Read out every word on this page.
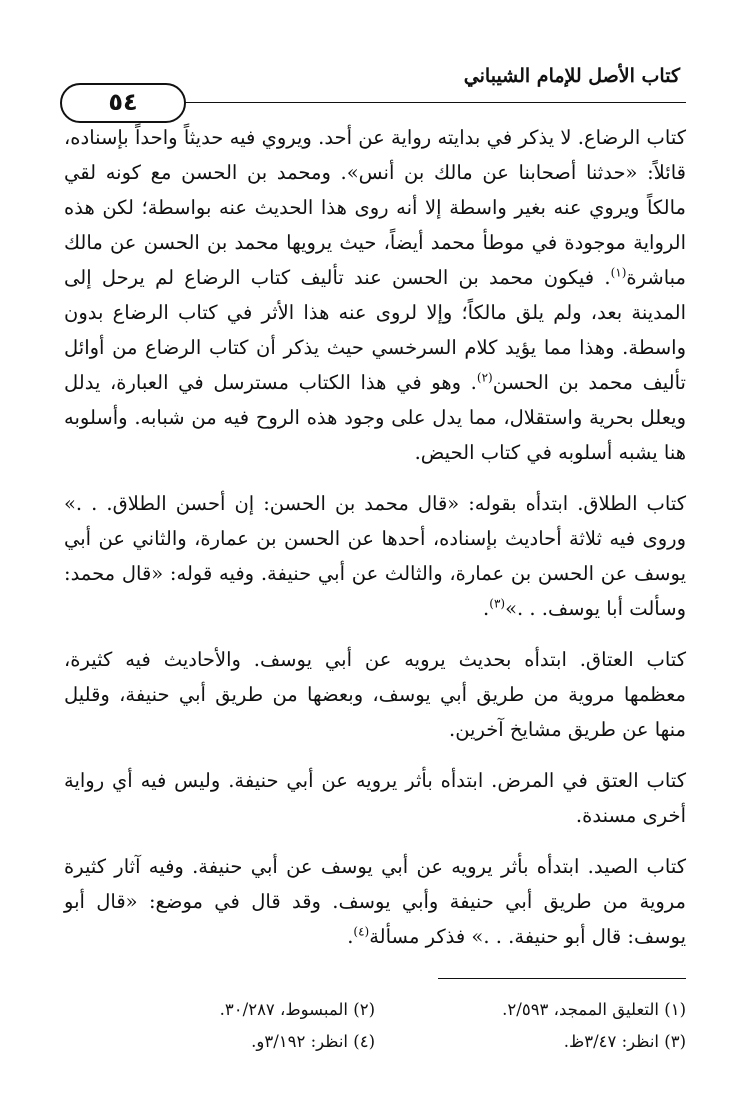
كتاب الأصل للإمام الشيباني
٥٤

كتاب الرضاع. لا يذكر في بدايته رواية عن أحد. ويروي فيه حديثاً واحداً بإسناده، قائلاً: «حدثنا أصحابنا عن مالك بن أنس». ومحمد بن الحسن مع كونه لقي مالكاً ويروي عنه بغير واسطة إلا أنه روى هذا الحديث عنه بواسطة؛ لكن هذه الرواية موجودة في موطأ محمد أيضاً، حيث يرويها محمد بن الحسن عن مالك مباشرة$^{(١)}$. فيكون محمد بن الحسن عند تأليف كتاب الرضاع لم يرحل إلى المدينة بعد، ولم يلق مالكاً؛ وإلا لروى عنه هذا الأثر في كتاب الرضاع بدون واسطة. وهذا مما يؤيد كلام السرخسي حيث يذكر أن كتاب الرضاع من أوائل تأليف محمد بن الحسن$^{(٢)}$. وهو في هذا الكتاب مسترسل في العبارة، يدلل ويعلل بحرية واستقلال، مما يدل على وجود هذه الروح فيه من شبابه. وأسلوبه هنا يشبه أسلوبه في كتاب الحيض.

كتاب الطلاق. ابتدأه بقوله: «قال محمد بن الحسن: إن أحسن الطلاق. . .» وروى فيه ثلاثة أحاديث بإسناده، أحدها عن الحسن بن عمارة، والثاني عن أبي يوسف عن الحسن بن عمارة، والثالث عن أبي حنيفة. وفيه قوله: «قال محمد: وسألت أبا يوسف. . .»$^{(٣)}$.

كتاب العتاق. ابتدأه بحديث يرويه عن أبي يوسف. والأحاديث فيه كثيرة، معظمها مروية من طريق أبي يوسف، وبعضها من طريق أبي حنيفة، وقليل منها عن طريق مشايخ آخرين.

كتاب العتق في المرض. ابتدأه بأثر يرويه عن أبي حنيفة. وليس فيه أي رواية أخرى مسندة.

كتاب الصيد. ابتدأه بأثر يرويه عن أبي يوسف عن أبي حنيفة. وفيه آثار كثيرة مروية من طريق أبي حنيفة وأبي يوسف. وقد قال في موضع: «قال أبو يوسف: قال أبو حنيفة. . .» فذكر مسألة$^{(٤)}$.

(١) التعليق الممجد، ٢/٥٩٣.
(٢) المبسوط، ٣٠/٢٨٧.
(٣) انظر: ٣/٤٧ظ.
(٤) انظر: ٣/١٩٢و.
